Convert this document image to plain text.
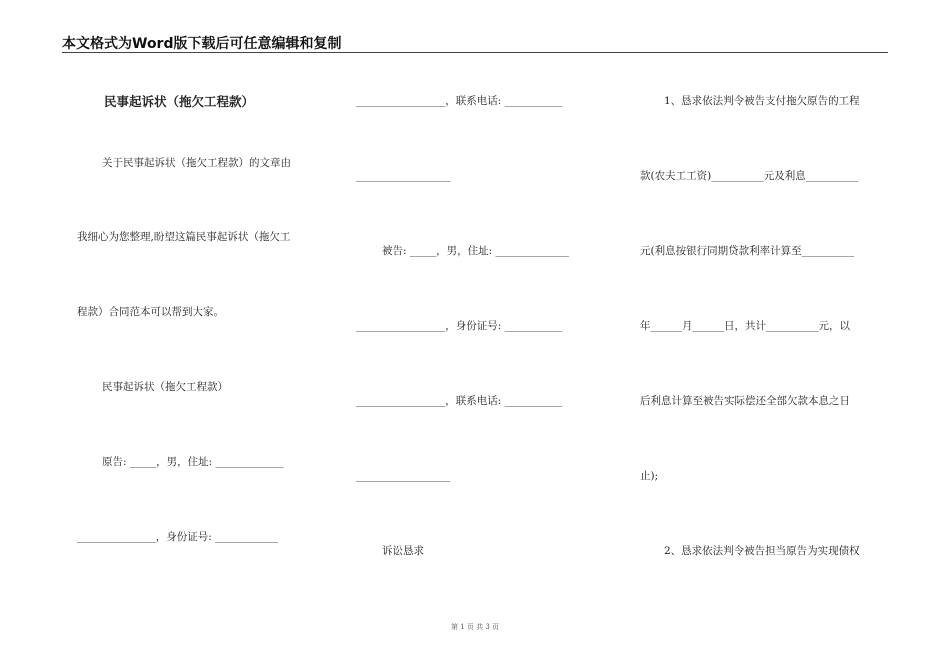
本文格式为Word版下载后可任意编辑和复制
民事起诉状（拖欠工程款）
关于民事起诉状（拖欠工程款）的文章由
我细心为您整理,盼望这篇民事起诉状（拖欠工
程款）合同范本可以帮到大家。
民事起诉状（拖欠工程款）
原告: _____，男，住址: _____________
_______________，身份证号: ____________
_________________，联系电话: ___________
__________________
被告: _____，男，住址: ______________
_________________，身份证号: ___________
_________________，联系电话: ___________
__________________
诉讼恳求
1、恳求依法判令被告支付拖欠原告的工程
款(农夫工工资)__________元及利息__________
元(利息按银行同期贷款利率计算至__________
年______月______日，共计__________元，以
后利息计算至被告实际偿还全部欠款本息之日
止);
2、恳求依法判令被告担当原告为实现债权
第 1 页 共 3 页
